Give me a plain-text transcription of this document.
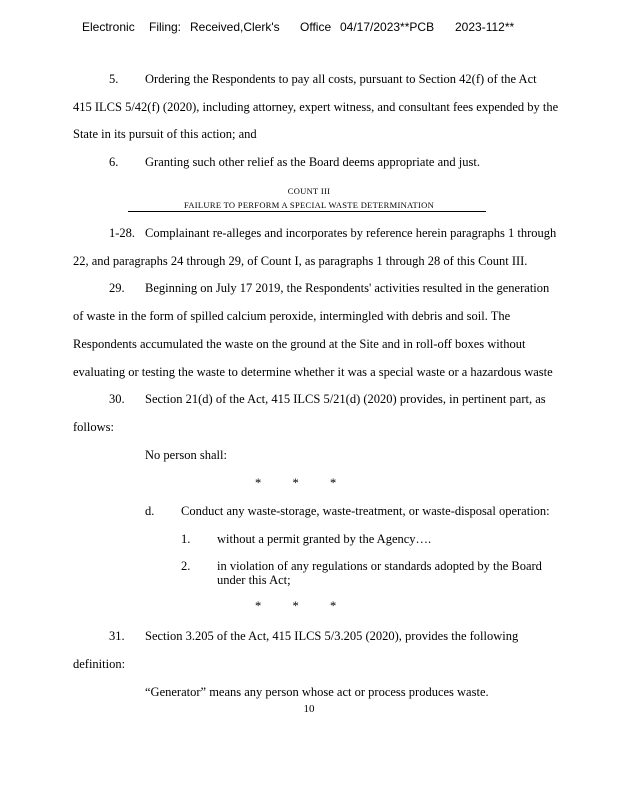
Electronic Filing: Received,Clerk's Office 04/17/2023**PCB 2023-112**
5. Ordering the Respondents to pay all costs, pursuant to Section 42(f) of the Act
415 ILCS 5/42(f) (2020), including attorney, expert witness, and consultant fees expended by the
State in its pursuit of this action; and
6. Granting such other relief as the Board deems appropriate and just.
COUNT III
FAILURE TO PERFORM A SPECIAL WASTE DETERMINATION
1-28. Complainant re-alleges and incorporates by reference herein paragraphs 1 through
22, and paragraphs 24 through 29, of Count I, as paragraphs 1 through 28 of this Count III.
29. Beginning on July 17 2019, the Respondents' activities resulted in the generation
of waste in the form of spilled calcium peroxide, intermingled with debris and soil. The
Respondents accumulated the waste on the ground at the Site and in roll-off boxes without
evaluating or testing the waste to determine whether it was a special waste or a hazardous waste
30. Section 21(d) of the Act, 415 ILCS 5/21(d) (2020) provides, in pertinent part, as
follows:
No person shall:
*          *          *
d. Conduct any waste-storage, waste-treatment, or waste-disposal operation:
1. without a permit granted by the Agency….
2. in violation of any regulations or standards adopted by the Board
under this Act;
*          *          *
31. Section 3.205 of the Act, 415 ILCS 5/3.205 (2020), provides the following
definition:
“Generator” means any person whose act or process produces waste.
10
